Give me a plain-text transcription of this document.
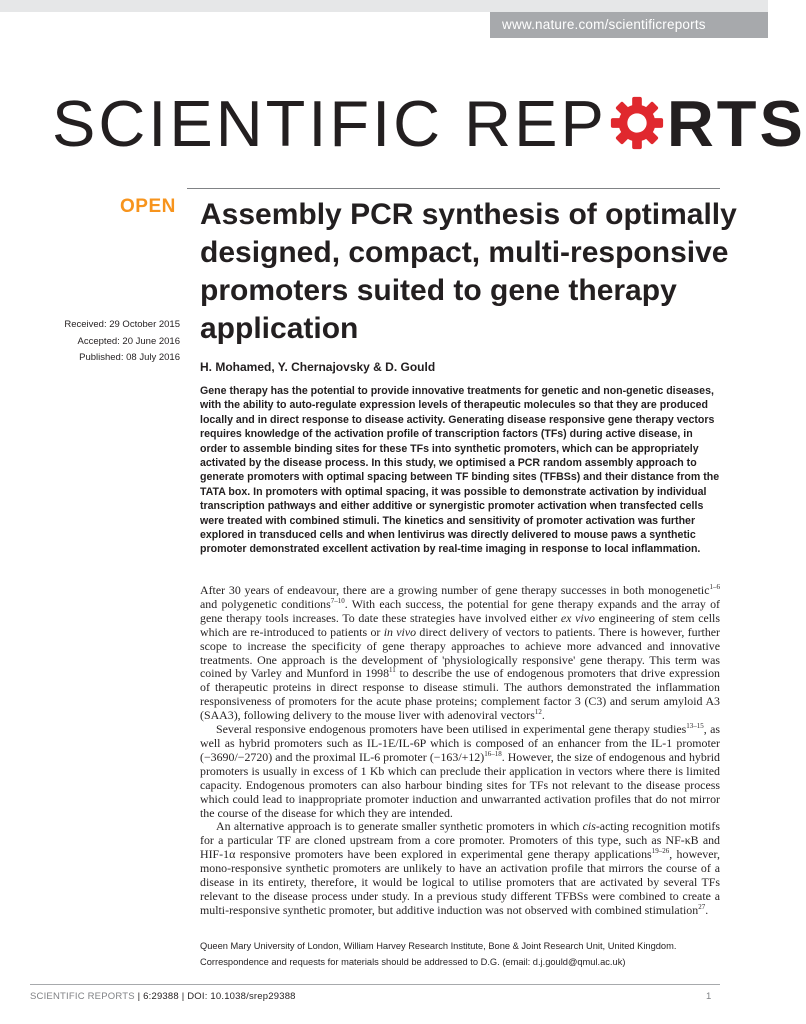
www.nature.com/scientificreports
SCIENTIFIC REP RTS
OPEN Assembly PCR synthesis of optimally designed, compact, multi-responsive promoters suited to gene therapy application
Received: 29 October 2015
Accepted: 20 June 2016
Published: 08 July 2016
H. Mohamed, Y. Chernajovsky & D. Gould
Gene therapy has the potential to provide innovative treatments for genetic and non-genetic diseases, with the ability to auto-regulate expression levels of therapeutic molecules so that they are produced locally and in direct response to disease activity. Generating disease responsive gene therapy vectors requires knowledge of the activation profile of transcription factors (TFs) during active disease, in order to assemble binding sites for these TFs into synthetic promoters, which can be appropriately activated by the disease process. In this study, we optimised a PCR random assembly approach to generate promoters with optimal spacing between TF binding sites (TFBSs) and their distance from the TATA box. In promoters with optimal spacing, it was possible to demonstrate activation by individual transcription pathways and either additive or synergistic promoter activation when transfected cells were treated with combined stimuli. The kinetics and sensitivity of promoter activation was further explored in transduced cells and when lentivirus was directly delivered to mouse paws a synthetic promoter demonstrated excellent activation by real-time imaging in response to local inflammation.

After 30 years of endeavour, there are a growing number of gene therapy successes in both monogenetic$^{1-6}$ and polygenetic conditions$^{7-10}$. With each success, the potential for gene therapy expands and the array of gene therapy tools increases. To date these strategies have involved either ex vivo engineering of stem cells which are re-introduced to patients or in vivo direct delivery of vectors to patients. There is however, further scope to increase the specificity of gene therapy approaches to achieve more advanced and innovative treatments. One approach is the development of 'physiologically responsive' gene therapy. This term was coined by Varley and Munford in 1998$^{11}$ to describe the use of endogenous promoters that drive expression of therapeutic proteins in direct response to disease stimuli. The authors demonstrated the inflammation responsiveness of promoters for the acute phase proteins; complement factor 3 (C3) and serum amyloid A3 (SAA3), following delivery to the mouse liver with adenoviral vectors$^{12}$.

Several responsive endogenous promoters have been utilised in experimental gene therapy studies$^{13-15}$, as well as hybrid promoters such as IL-1E/IL-6P which is composed of an enhancer from the IL-1 promoter (−3690/−2720) and the proximal IL-6 promoter $(-163/+12)^{16-18}$. However, the size of endogenous and hybrid promoters is usually in excess of 1 Kb which can preclude their application in vectors where there is limited capacity. Endogenous promoters can also harbour binding sites for TFs not relevant to the disease process which could lead to inappropriate promoter induction and unwarranted activation profiles that do not mirror the course of the disease for which they are intended.

An alternative approach is to generate smaller synthetic promoters in which cis-acting recognition motifs for a particular TF are cloned upstream from a core promoter. Promoters of this type, such as NF-κB and HIF-1α responsive promoters have been explored in experimental gene therapy applications$^{19-26}$, however, mono-responsive synthetic promoters are unlikely to have an activation profile that mirrors the course of a disease in its entirety, therefore, it would be logical to utilise promoters that are activated by several TFs relevant to the disease process under study. In a previous study different TFBSs were combined to create a multi-responsive synthetic promoter, but additive induction was not observed with combined stimulation$^{27}$.

Queen Mary University of London, William Harvey Research Institute, Bone & Joint Research Unit, United Kingdom.
Correspondence and requests for materials should be addressed to D.G. (email: d.j.gould@qmul.ac.uk)
SCIENTIFIC REPORTS | 6:29388 | DOI: 10.1038/srep29388	1
